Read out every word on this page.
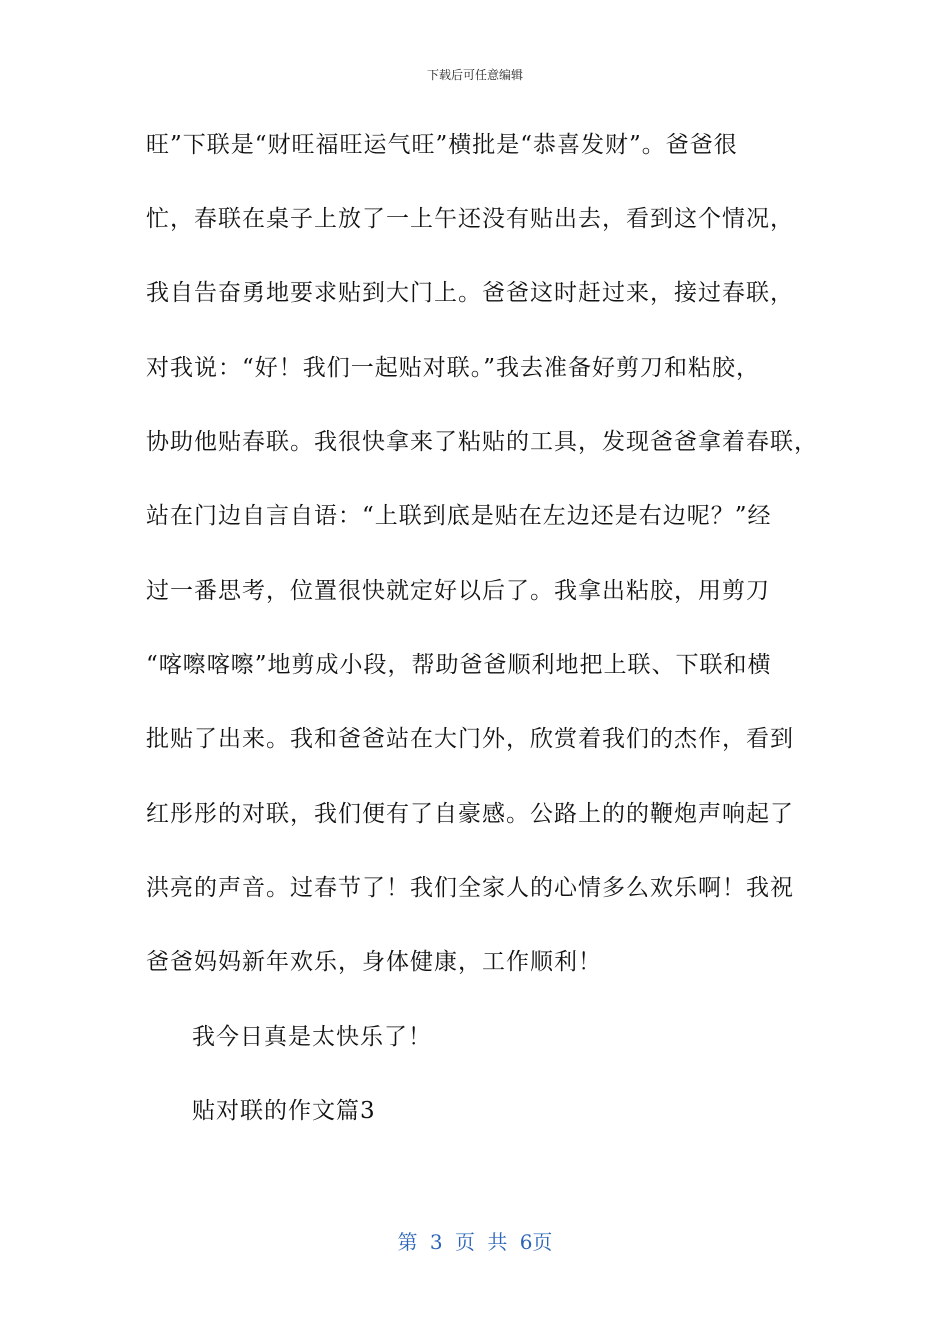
下载后可任意编辑
旺”下联是“财旺福旺运气旺”横批是“恭喜发财”。爸爸很
忙，春联在桌子上放了一上午还没有贴出去，看到这个情况，
我自告奋勇地要求贴到大门上。爸爸这时赶过来，接过春联，
对我说：“好！我们一起贴对联。”我去准备好剪刀和粘胶，
协助他贴春联。我很快拿来了粘贴的工具，发现爸爸拿着春联，
站在门边自言自语：“上联到底是贴在左边还是右边呢？”经
过一番思考，位置很快就定好以后了。我拿出粘胶，用剪刀
“喀嚓喀嚓”地剪成小段，帮助爸爸顺利地把上联、下联和横
批贴了出来。我和爸爸站在大门外，欣赏着我们的杰作，看到
红彤彤的对联，我们便有了自豪感。公路上的的鞭炮声响起了
洪亮的声音。过春节了！我们全家人的心情多么欢乐啊！我祝
爸爸妈妈新年欢乐，身体健康，工作顺利！
我今日真是太快乐了！
贴对联的作文篇3
第 3 页 共 6页
